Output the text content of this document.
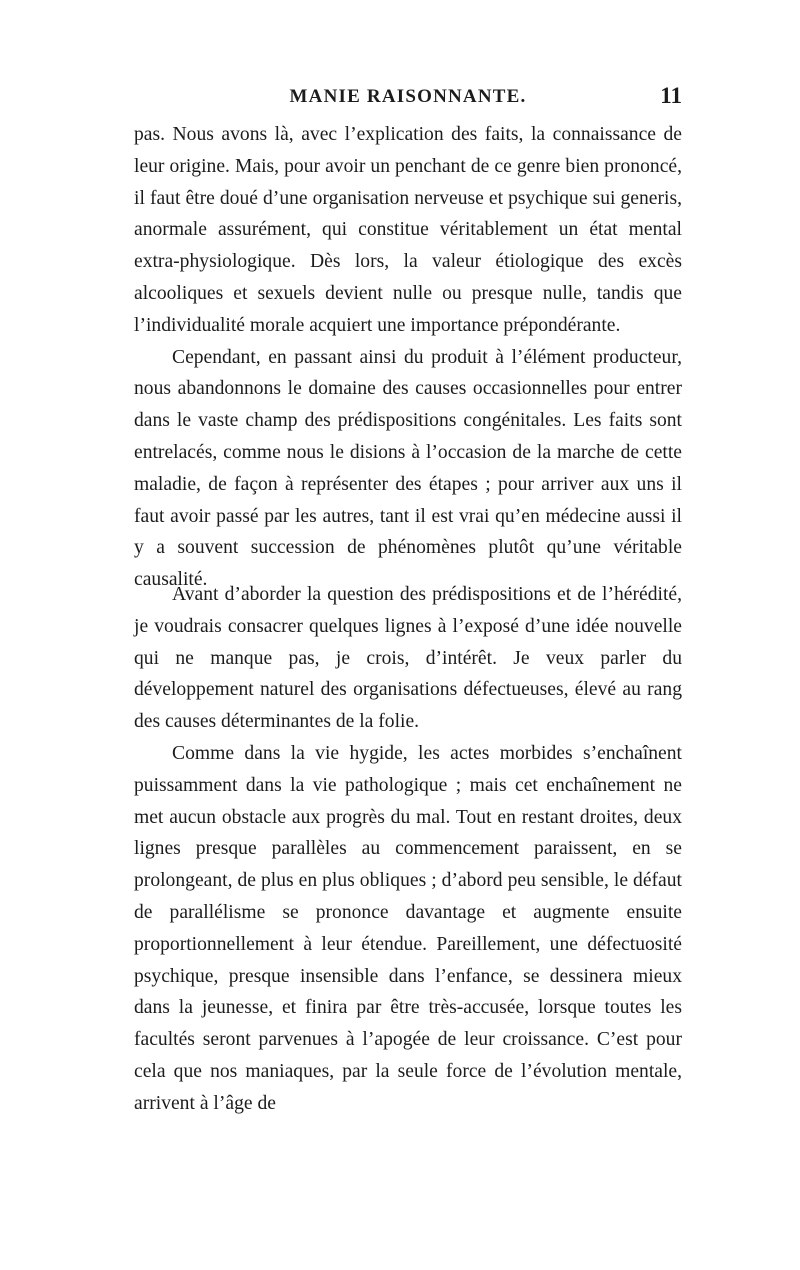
MANIE RAISONNANTE.	11

pas. Nous avons là, avec l’explication des faits, la connaissance de leur origine. Mais, pour avoir un penchant de ce genre bien prononcé, il faut être doué d’une organisation nerveuse et psychique sui generis, anormale assurément, qui constitue véritablement un état mental extra-physiologique. Dès lors, la valeur étiologique des excès alcooliques et sexuels devient nulle ou presque nulle, tandis que l’individualité morale acquiert une importance prépondérante.

Cependant, en passant ainsi du produit à l’élément producteur, nous abandonnons le domaine des causes occasionnelles pour entrer dans le vaste champ des prédispositions congénitales. Les faits sont entrelacés, comme nous le disions à l’occasion de la marche de cette maladie, de façon à représenter des étapes ; pour arriver aux uns il faut avoir passé par les autres, tant il est vrai qu’en médecine aussi il y a souvent succession de phénomènes plutôt qu’une véritable causalité.

Avant d’aborder la question des prédispositions et de l’hérédité, je voudrais consacrer quelques lignes à l’exposé d’une idée nouvelle qui ne manque pas, je crois, d’intérêt. Je veux parler du développement naturel des organisations défectueuses, élevé au rang des causes déterminantes de la folie.

Comme dans la vie hygide, les actes morbides s’enchaînent puissamment dans la vie pathologique ; mais cet enchaînement ne met aucun obstacle aux progrès du mal. Tout en restant droites, deux lignes presque parallèles au commencement paraissent, en se prolongeant, de plus en plus obliques ; d’abord peu sensible, le défaut de parallélisme se prononce davantage et augmente ensuite proportionnellement à leur étendue. Pareillement, une défectuosité psychique, presque insensible dans l’enfance, se dessinera mieux dans la jeunesse, et finira par être très-accusée, lorsque toutes les facultés seront parvenues à l’apogée de leur croissance. C’est pour cela que nos maniaques, par la seule force de l’évolution mentale, arrivent à l’âge de
